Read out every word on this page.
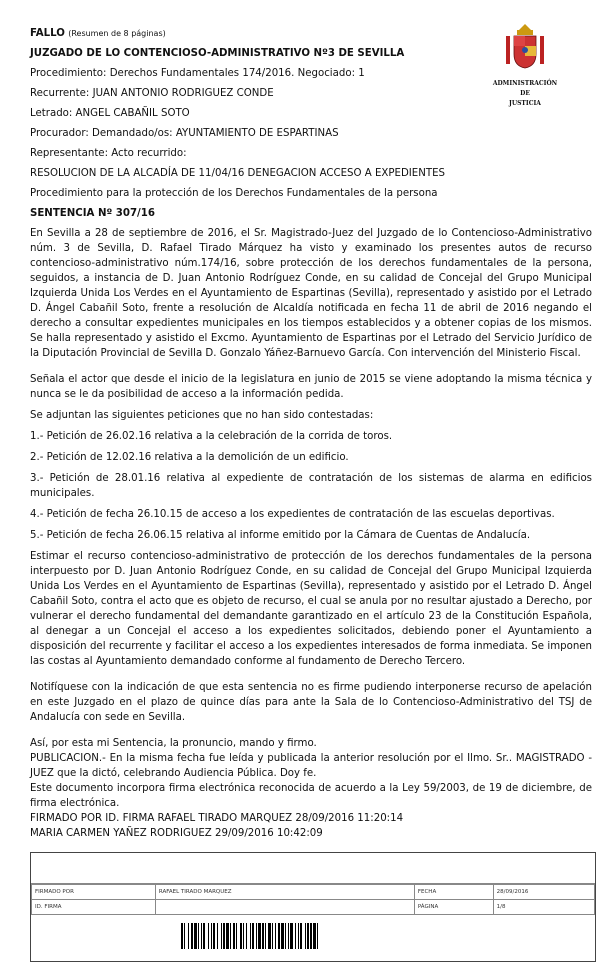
FALLO (Resumen de 8 páginas)
JUZGADO DE LO CONTENCIOSO-ADMINISTRATIVO Nº3 DE SEVILLA
Procedimiento: Derechos Fundamentales 174/2016. Negociado: 1
Recurrente: JUAN ANTONIO RODRIGUEZ CONDE
Letrado: ANGEL CABAÑIL SOTO
Procurador: Demandado/os: AYUNTAMIENTO DE ESPARTINAS
Representante: Acto recurrido:
RESOLUCION DE LA ALCADÍA DE 11/04/16 DENEGACION ACCESO A EXPEDIENTES
Procedimiento para la protección de los Derechos Fundamentales de la persona
SENTENCIA Nº 307/16

En Sevilla a 28 de septiembre de 2016, el Sr. Magistrado-Juez del Juzgado de lo Contencioso-Administrativo núm. 3 de Sevilla, D. Rafael Tirado Márquez ha visto y examinado los presentes autos de recurso contencioso-administrativo núm.174/16, sobre protección de los derechos fundamentales de la persona, seguidos, a instancia de D. Juan Antonio Rodríguez Conde, en su calidad de Concejal del Grupo Municipal Izquierda Unida Los Verdes en el Ayuntamiento de Espartinas (Sevilla), representado y asistido por el Letrado D. Ángel Cabañil Soto, frente a resolución de Alcaldía notificada en fecha 11 de abril de 2016 negando el derecho a consultar expedientes municipales en los tiempos establecidos y a obtener copias de los mismos. Se halla representado y asistido el Excmo. Ayuntamiento de Espartinas por el Letrado del Servicio Jurídico de la Diputación Provincial de Sevilla D. Gonzalo Yáñez-Barnuevo García. Con intervención del Ministerio Fiscal.

Señala el actor que desde el inicio de la legislatura en junio de 2015 se viene adoptando la misma técnica y nunca se le da posibilidad de acceso a la información pedida.

Se adjuntan las siguientes peticiones que no han sido contestadas:

1.- Petición de 26.02.16 relativa a la celebración de la corrida de toros.

2.- Petición de 12.02.16 relativa a la demolición de un edificio.

3.- Petición de 28.01.16 relativa al expediente de contratación de los sistemas de alarma en edificios municipales.

4.- Petición de fecha 26.10.15 de acceso a los expedientes de contratación de las escuelas deportivas.

5.- Petición de fecha 26.06.15 relativa al informe emitido por la Cámara de Cuentas de Andalucía.

Estimar el recurso contencioso-administrativo de protección de los derechos fundamentales de la persona interpuesto por D. Juan Antonio Rodríguez Conde, en su calidad de Concejal del Grupo Municipal Izquierda Unida Los Verdes en el Ayuntamiento de Espartinas (Sevilla), representado y asistido por el Letrado D. Ángel Cabañil Soto, contra el acto que es objeto de recurso, el cual se anula por no resultar ajustado a Derecho, por vulnerar el derecho fundamental del demandante garantizado en el artículo 23 de la Constitución Española, al denegar a un Concejal el acceso a los expedientes solicitados, debiendo poner el Ayuntamiento a disposición del recurrente y facilitar el acceso a los expedientes interesados de forma inmediata. Se imponen las costas al Ayuntamiento demandado conforme al fundamento de Derecho Tercero.

Notifíquese con la indicación de que esta sentencia no es firme pudiendo interponerse recurso de apelación en este Juzgado en el plazo de quince días para ante la Sala de lo Contencioso-Administrativo del TSJ de Andalucía con sede en Sevilla.

Así, por esta mi Sentencia, la pronuncio, mando y firmo.

PUBLICACION.- En la misma fecha fue leída y publicada la anterior resolución por el Ilmo. Sr.. MAGISTRADO - JUEZ que la dictó, celebrando Audiencia Pública. Doy fe.

Este documento incorpora firma electrónica reconocida de acuerdo a la Ley 59/2003, de 19 de diciembre, de firma electrónica.

FIRMADO POR ID. FIRMA RAFAEL TIRADO MARQUEZ 28/09/2016 11:20:14

MARIA CARMEN YAÑEZ RODRIGUEZ 29/09/2016 10:42:09

ADMINISTRACIÓN
DE
JUSTICIA
FIRMADO POR	RAFAEL TIRADO MARQUEZ	FECHA	28/09/2016
ID. FIRMA		PÁGINA	1/8
